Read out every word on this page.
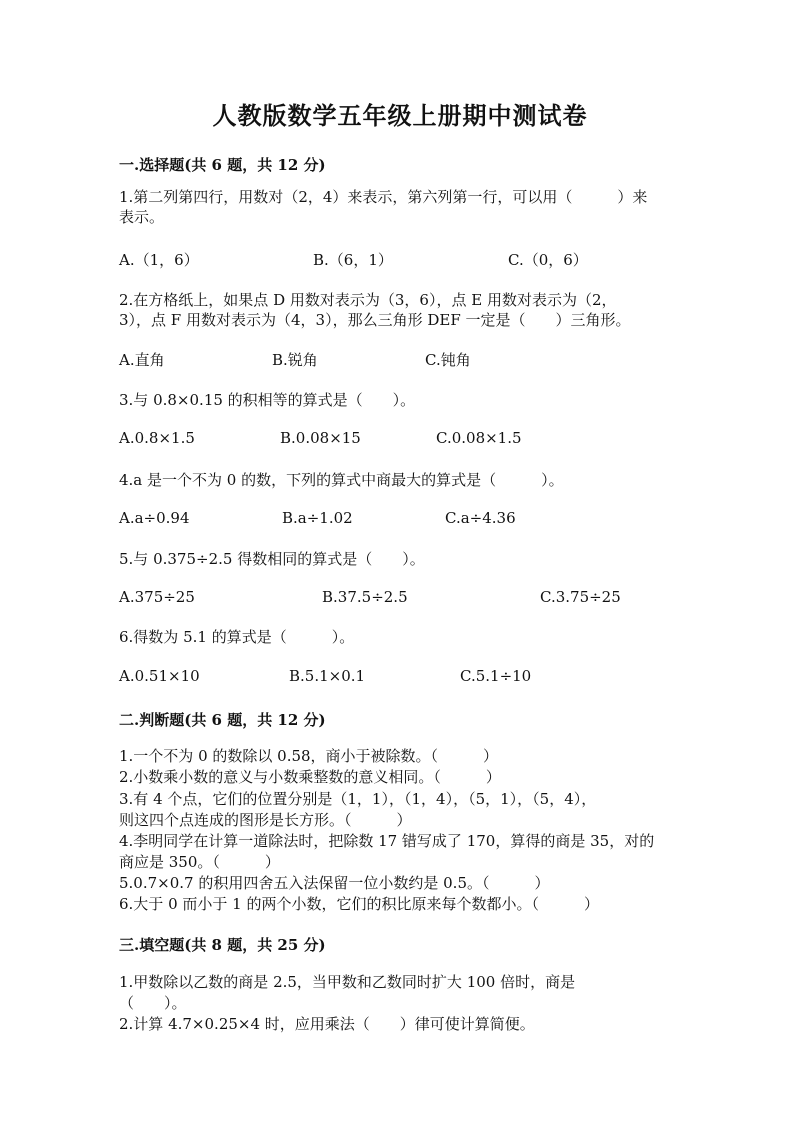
人教版数学五年级上册期中测试卷
一.选择题(共 6 题，共 12 分)
1.第二列第四行，用数对（2，4）来表示，第六列第一行，可以用（　　　）来
表示。
A.（1，6）	B.（6，1）	C.（0，6）
2.在方格纸上，如果点 D 用数对表示为（3，6），点 E 用数对表示为（2，
3），点 F 用数对表示为（4，3），那么三角形 DEF 一定是（　　）三角形。
A.直角	B.锐角	C.钝角
3.与 0.8×0.15 的积相等的算式是（　　）。
A.0.8×1.5	B.0.08×15	C.0.08×1.5
4.a 是一个不为 0 的数，下列的算式中商最大的算式是（　　　）。
A.a÷0.94	B.a÷1.02	C.a÷4.36
5.与 0.375÷2.5 得数相同的算式是（　　）。
A.375÷25	B.37.5÷2.5	C.3.75÷25
6.得数为 5.1 的算式是（　　　）。
A.0.51×10	B.5.1×0.1	C.5.1÷10
二.判断题(共 6 题，共 12 分)
1.一个不为 0 的数除以 0.58，商小于被除数。（　　　）
2.小数乘小数的意义与小数乘整数的意义相同。（　　　）
3.有 4 个点，它们的位置分别是（1，1），（1，4），（5，1），（5，4），
则这四个点连成的图形是长方形。（　　　）
4.李明同学在计算一道除法时，把除数 17 错写成了 170，算得的商是 35，对的
商应是 350。（　　　）
5.0.7×0.7 的积用四舍五入法保留一位小数约是 0.5。（　　　）
6.大于 0 而小于 1 的两个小数，它们的积比原来每个数都小。（　　　）
三.填空题(共 8 题，共 25 分)
1.甲数除以乙数的商是 2.5，当甲数和乙数同时扩大 100 倍时，商是
（　　）。
2.计算 4.7×0.25×4 时，应用乘法（　　）律可使计算简便。
